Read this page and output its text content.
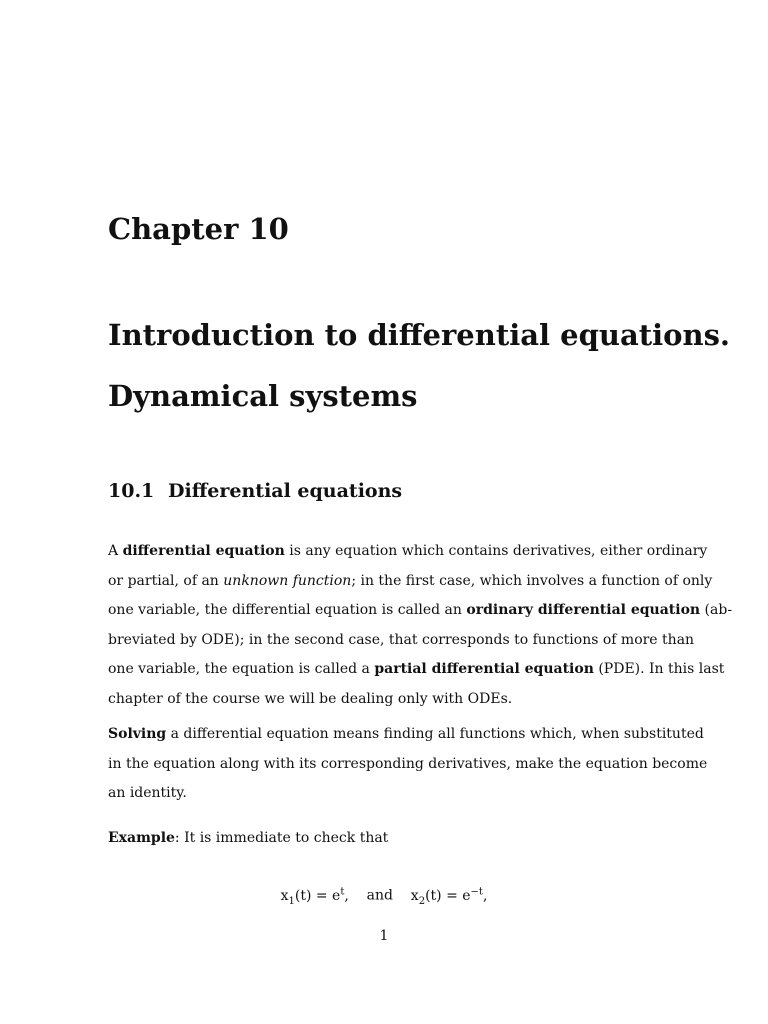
Chapter 10
Introduction to differential equations.
Dynamical systems
10.1 Differential equations

A differential equation is any equation which contains derivatives, either ordinary
or partial, of an unknown function; in the first case, which involves a function of only
one variable, the differential equation is called an ordinary differential equation (ab-
breviated by ODE); in the second case, that corresponds to functions of more than
one variable, the equation is called a partial differential equation (PDE). In this last
chapter of the course we will be dealing only with ODEs.

Solving a differential equation means finding all functions which, when substituted
in the equation along with its corresponding derivatives, make the equation become
an identity.

Example: It is immediate to check that

$x_1(t) = e^t$, and $x_2(t) = e^{-t}$,

1
